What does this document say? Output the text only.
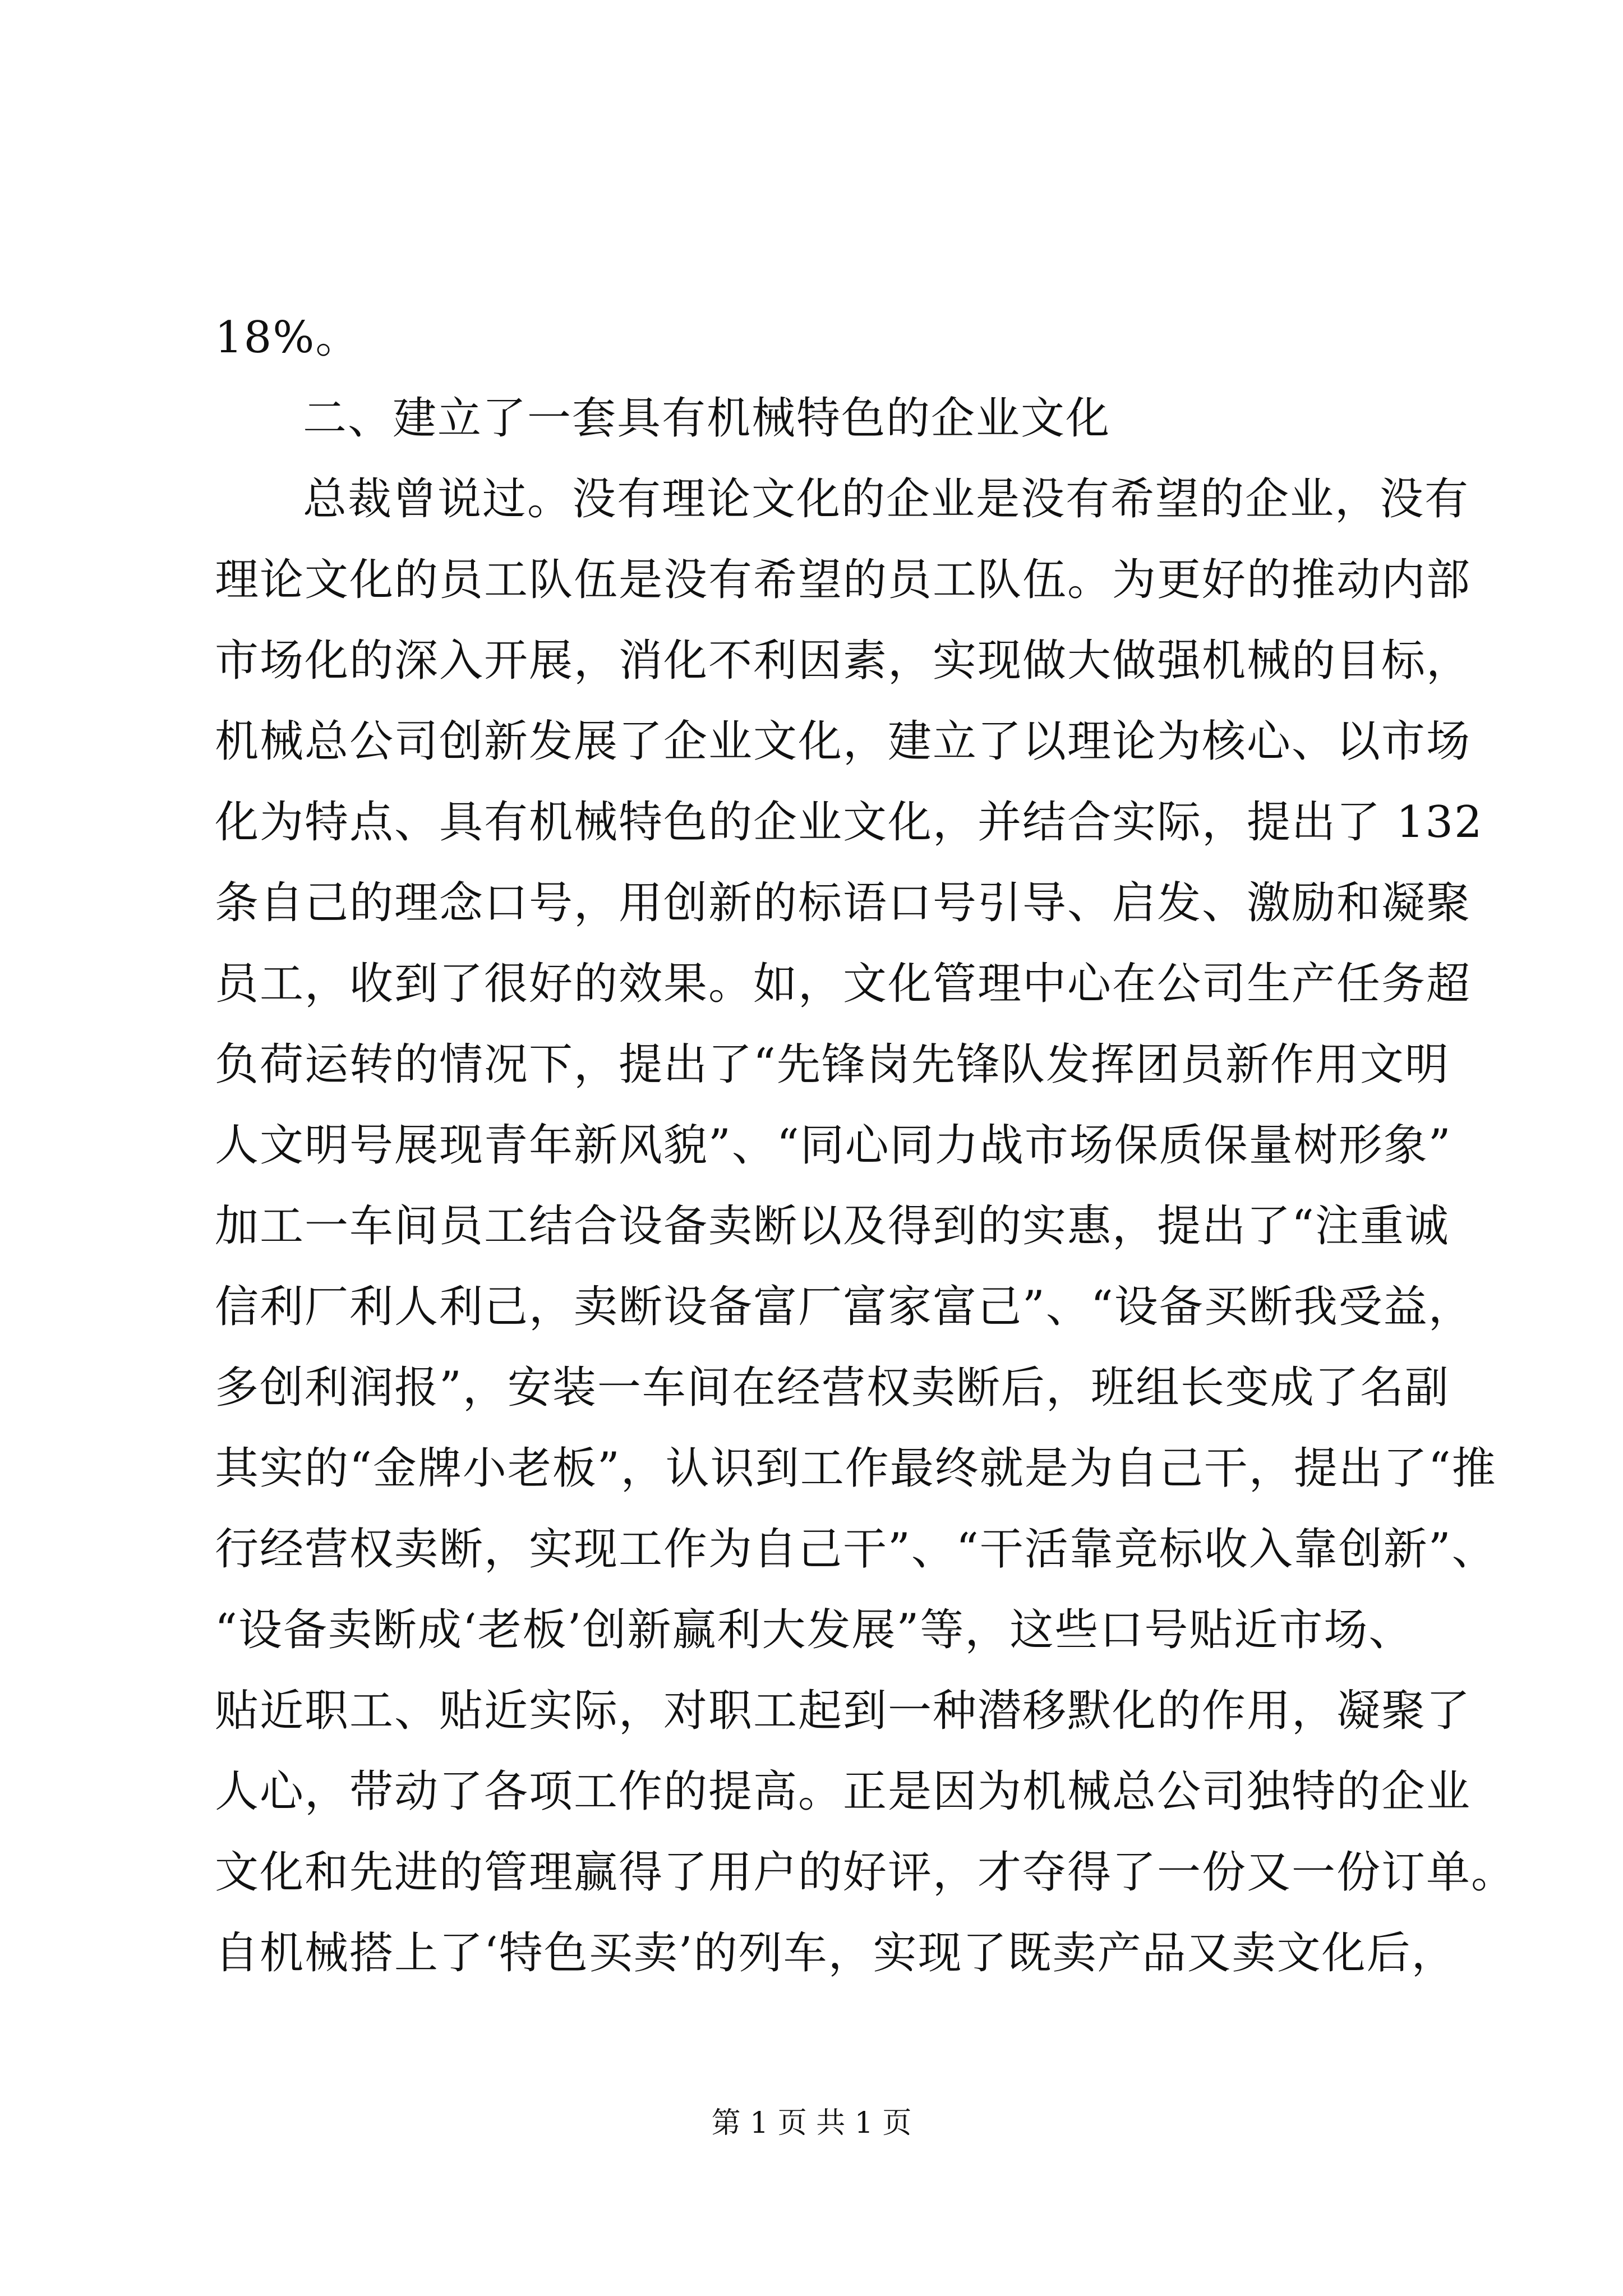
18%。
二、建立了一套具有机械特色的企业文化
总裁曾说过。没有理论文化的企业是没有希望的企业，没有
理论文化的员工队伍是没有希望的员工队伍。为更好的推动内部
市场化的深入开展，消化不利因素，实现做大做强机械的目标，
机械总公司创新发展了企业文化，建立了以理论为核心、以市场
化为特点、具有机械特色的企业文化，并结合实际，提出了 132
条自己的理念口号，用创新的标语口号引导、启发、激励和凝聚
员工，收到了很好的效果。如，文化管理中心在公司生产任务超
负荷运转的情况下，提出了“先锋岗先锋队发挥团员新作用文明
人文明号展现青年新风貌”、“同心同力战市场保质保量树形象”
加工一车间员工结合设备卖断以及得到的实惠，提出了“注重诚
信利厂利人利己，卖断设备富厂富家富己”、“设备买断我受益，
多创利润报”，安装一车间在经营权卖断后，班组长变成了名副
其实的“金牌小老板”，认识到工作最终就是为自己干，提出了“推
行经营权卖断，实现工作为自己干”、“干活靠竞标收入靠创新”、
“设备卖断成‘老板’创新赢利大发展”等，这些口号贴近市场、
贴近职工、贴近实际，对职工起到一种潜移默化的作用，凝聚了
人心，带动了各项工作的提高。正是因为机械总公司独特的企业
文化和先进的管理赢得了用户的好评，才夺得了一份又一份订单。
自机械搭上了‘特色买卖’的列车，实现了既卖产品又卖文化后，
第 1 页 共 1 页
